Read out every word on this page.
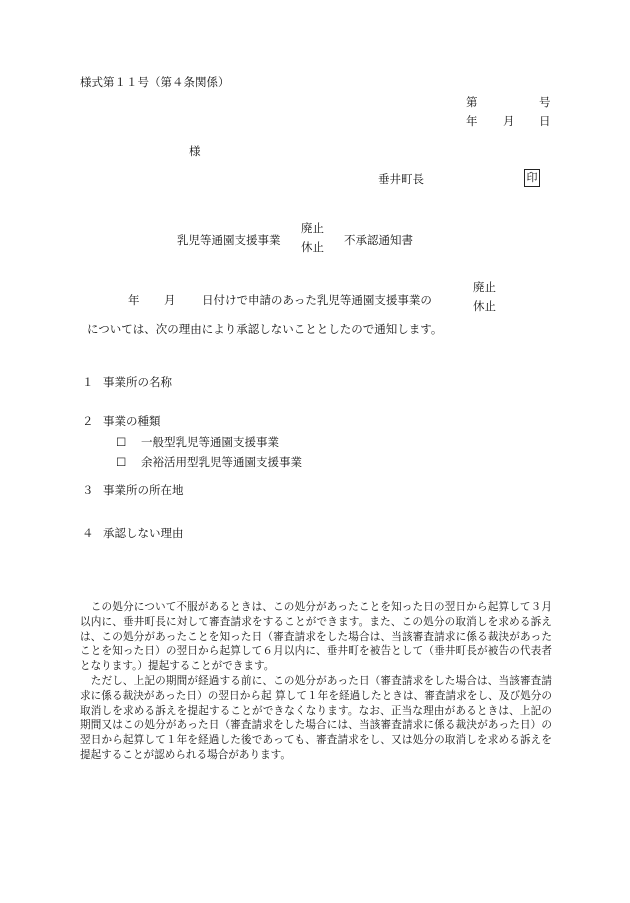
様式第１１号（第４条関係）
第	号
年 月 日
様
垂井町長	印
乳児等通園支援事業
廃止
休止 不承認通知書
年 月 日付けで申請のあった乳児等通園支援事業の
廃止
休止
については、次の理由により承認しないこととしたので通知します。
１ 事業所の名称
２ 事業の種類
☐ 一般型乳児等通園支援事業
☐ 余裕活用型乳児等通園支援事業
３ 事業所の所在地
４ 承認しない理由
　この処分について不服があるときは、この処分があったことを知った日の翌日から起算して３月以内に、垂井町長に対して審査請求をすることができます。また、この処分の取消しを求める訴えは、この処分があったことを知った日（審査請求をした場合は、当該審査請求に係る裁決があったことを知った日）の翌日から起算して６月以内に、垂井町を被告として（垂井町長が被告の代表者となります。）提起することができます。
　ただし、上記の期間が経過する前に、この処分があった日（審査請求をした場合は、当該審査請求に係る裁決があった日）の翌日から起 算して１年を経過したときは、審査請求をし、及び処分の取消しを求める訴えを提起することができなくなります。なお、正当な理由があるときは、上記の期間又はこの処分があった日（審査請求をした場合には、当該審査請求に係る裁決があった日）の翌日から起算して１年を経過した後であっても、審査請求をし、又は処分の取消しを求める訴えを提起することが認められる場合があります。
